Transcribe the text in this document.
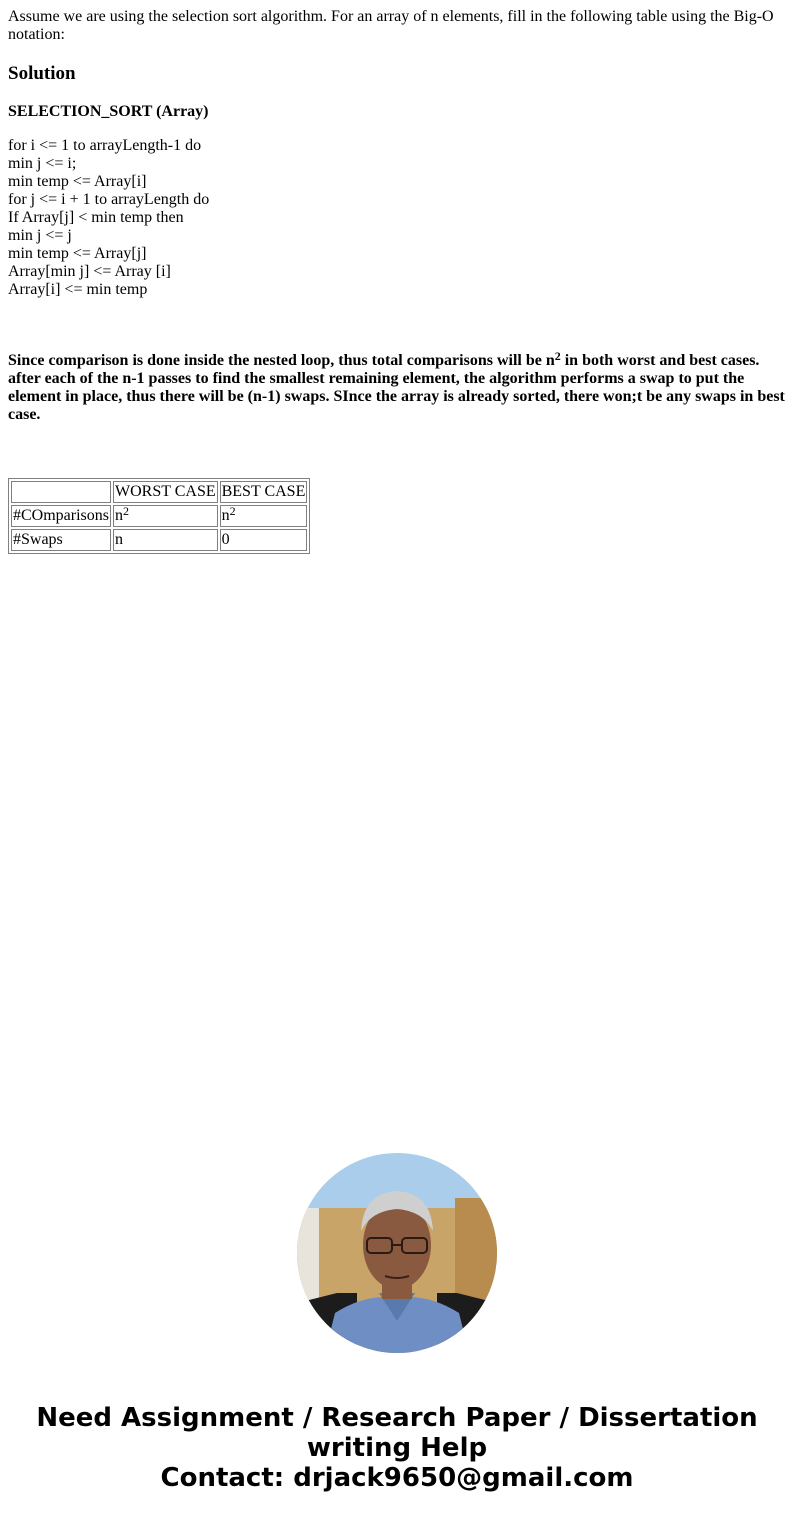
Assume we are using the selection sort algorithm. For an array of n elements, fill in the following table using the Big-O notation:

Solution
SELECTION_SORT (Array)
for i <= 1 to arrayLength-1 do
min j <= i;
min temp <= Array[i]
for j <= i + 1 to arrayLength do
If Array[j] < min temp then
min j <= j
min temp <= Array[j]
Array[min j] <= Array [i]
Array[i] <= min temp

Since comparison is done inside the nested loop, thus total comparisons will be $n^2$ in both worst and best cases. after each of the n-1 passes to find the smallest remaining element, the algorithm performs a swap to put the element in place, thus there will be (n-1) swaps. SInce the array is already sorted, there won;t be any swaps in best case.

	WORST CASE	BEST CASE
#COmparisons	$n^2$	$n^2$
#Swaps	n	0
Need Assignment / Research Paper / Dissertation
writing Help
Contact: drjack9650@gmail.com
